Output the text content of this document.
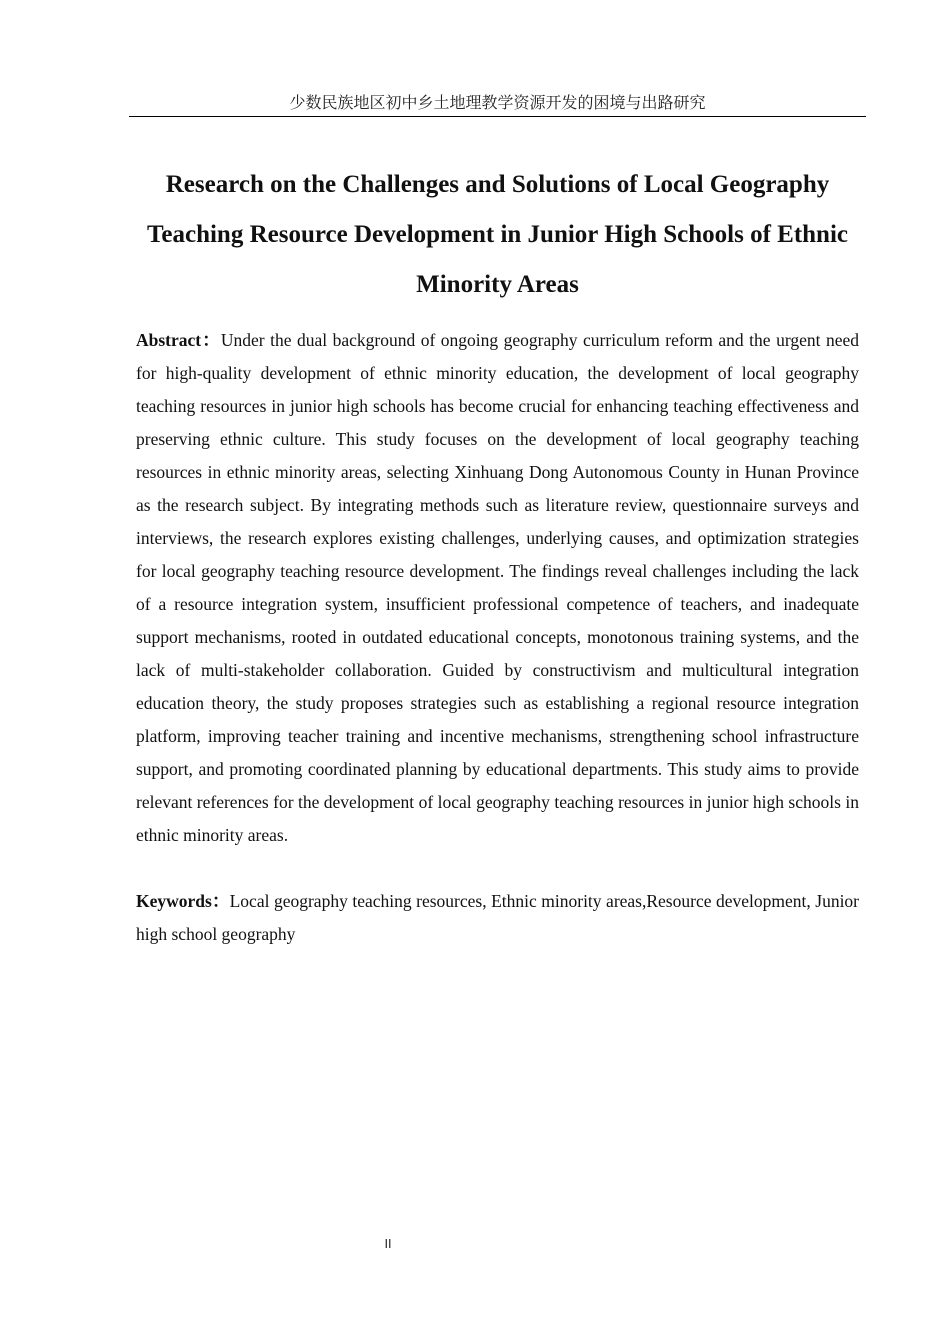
少数民族地区初中乡土地理教学资源开发的困境与出路研究
Research on the Challenges and Solutions of Local Geography Teaching Resource Development in Junior High Schools of Ethnic Minority Areas

Abstract：Under the dual background of ongoing geography curriculum reform and the urgent need for high-quality development of ethnic minority education, the development of local geography teaching resources in junior high schools has become crucial for enhancing teaching effectiveness and preserving ethnic culture. This study focuses on the development of local geography teaching resources in ethnic minority areas, selecting Xinhuang Dong Autonomous County in Hunan Province as the research subject. By integrating methods such as literature review, questionnaire surveys and interviews, the research explores existing challenges, underlying causes, and optimization strategies for local geography teaching resource development. The findings reveal challenges including the lack of a resource integration system, insufficient professional competence of teachers, and inadequate support mechanisms, rooted in outdated educational concepts, monotonous training systems, and the lack of multi-stakeholder collaboration. Guided by constructivism and multicultural integration education theory, the study proposes strategies such as establishing a regional resource integration platform, improving teacher training and incentive mechanisms, strengthening school infrastructure support, and promoting coordinated planning by educational departments. This study aims to provide relevant references for the development of local geography teaching resources in junior high schools in ethnic minority areas.

Keywords：Local geography teaching resources, Ethnic minority areas,Resource development, Junior high school geography

II
